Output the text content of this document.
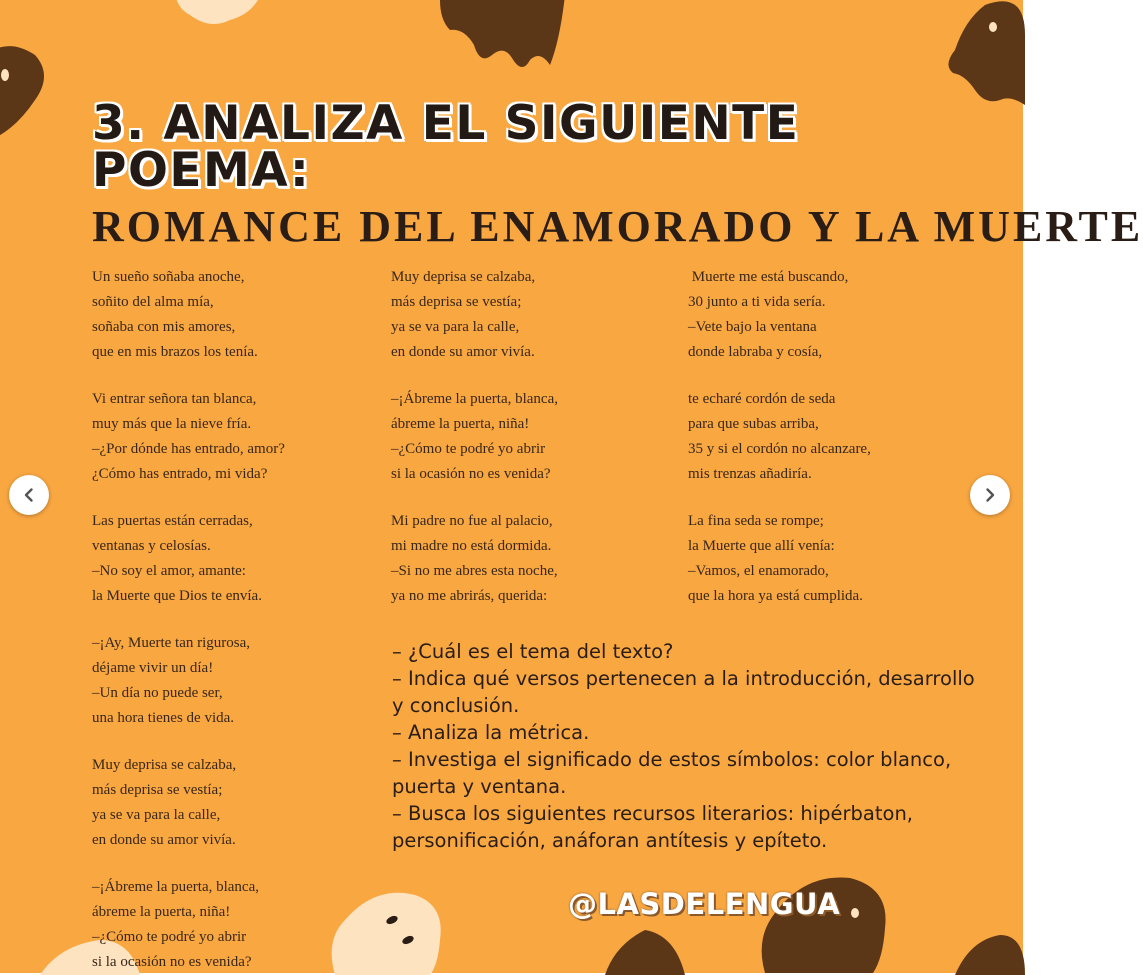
3. ANALIZA EL SIGUIENTE POEMA:
ROMANCE DEL ENAMORADO Y LA MUERTE
Un sueño soñaba anoche,
soñito del alma mía,
soñaba con mis amores,
que en mis brazos los tenía.
Vi entrar señora tan blanca,
muy más que la nieve fría.
–¿Por dónde has entrado, amor?
¿Cómo has entrado, mi vida?
Las puertas están cerradas,
ventanas y celosías.
–No soy el amor, amante:
la Muerte que Dios te envía.
–¡Ay, Muerte tan rigurosa,
déjame vivir un día!
–Un día no puede ser,
una hora tienes de vida.
Muy deprisa se calzaba,
más deprisa se vestía;
ya se va para la calle,
en donde su amor vivía.
–¡Ábreme la puerta, blanca,
ábreme la puerta, niña!
–¿Cómo te podré yo abrir
si la ocasión no es venida?
Muy deprisa se calzaba,
más deprisa se vestía;
ya se va para la calle,
en donde su amor vivía.
–¡Ábreme la puerta, blanca,
ábreme la puerta, niña!
–¿Cómo te podré yo abrir
si la ocasión no es venida?
Mi padre no fue al palacio,
mi madre no está dormida.
–Si no me abres esta noche,
ya no me abrirás, querida:
Muerte me está buscando,
30 junto a ti vida sería.
–Vete bajo la ventana
donde labraba y cosía,
te echaré cordón de seda
para que subas arriba,
35 y si el cordón no alcanzare,
mis trenzas añadiría.
La fina seda se rompe;
la Muerte que allí venía:
–Vamos, el enamorado,
que la hora ya está cumplida.
– ¿Cuál es el tema del texto?
– Indica qué versos pertenecen a la introducción, desarrollo
y conclusión.
– Analiza la métrica.
– Investiga el significado de estos símbolos: color blanco,
puerta y ventana.
– Busca los siguientes recursos literarios: hipérbaton,
personificación, anáforan antítesis y epíteto.
@LASDELENGUA
